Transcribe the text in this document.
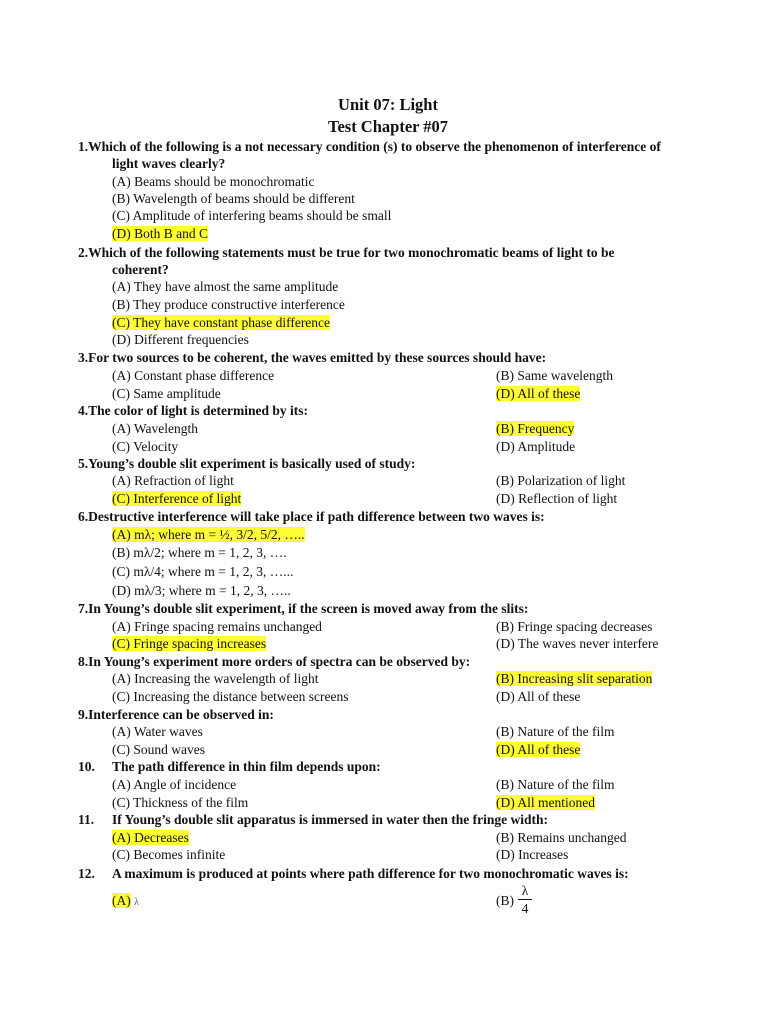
Unit 07: Light
Test Chapter #07
1.Which of the following is a not necessary condition (s) to observe the phenomenon of interference of
light waves clearly?
(A) Beams should be monochromatic
(B) Wavelength of beams should be different
(C) Amplitude of interfering beams should be small
(D) Both B and C
2.Which of the following statements must be true for two monochromatic beams of light to be
coherent?
(A) They have almost the same amplitude
(B) They produce constructive interference
(C) They have constant phase difference
(D) Different frequencies
3.For two sources to be coherent, the waves emitted by these sources should have:
(A) Constant phase difference	(B) Same wavelength
(C) Same amplitude	(D) All of these
4.The color of light is determined by its:
(A) Wavelength	(B) Frequency
(C) Velocity	(D) Amplitude
5.Young’s double slit experiment is basically used of study:
(A) Refraction of light	(B) Polarization of light
(C) Interference of light	(D) Reflection of light
6.Destructive interference will take place if path difference between two waves is:
(A) mλ; where m = ½, 3/2, 5/2, …..
(B) mλ/2; where m = 1, 2, 3, ….
(C) mλ/4; where m = 1, 2, 3, …...
(D) mλ/3; where m = 1, 2, 3, …..
7.In Young’s double slit experiment, if the screen is moved away from the slits:
(A) Fringe spacing remains unchanged	(B) Fringe spacing decreases
(C) Fringe spacing increases	(D) The waves never interfere
8.In Young’s experiment more orders of spectra can be observed by:
(A) Increasing the wavelength of light	(B) Increasing slit separation
(C) Increasing the distance between screens	(D) All of these
9.Interference can be observed in:
(A) Water waves	(B) Nature of the film
(C) Sound waves	(D) All of these
10. The path difference in thin film depends upon:
(A) Angle of incidence	(B) Nature of the film
(C) Thickness of the film	(D) All mentioned
11. If Young’s double slit apparatus is immersed in water then the fringe width:
(A) Decreases	(B) Remains unchanged
(C) Becomes infinite	(D) Increases
12. A maximum is produced at points where path difference for two monochromatic waves is:
(A) λ	(B)
λ
4
